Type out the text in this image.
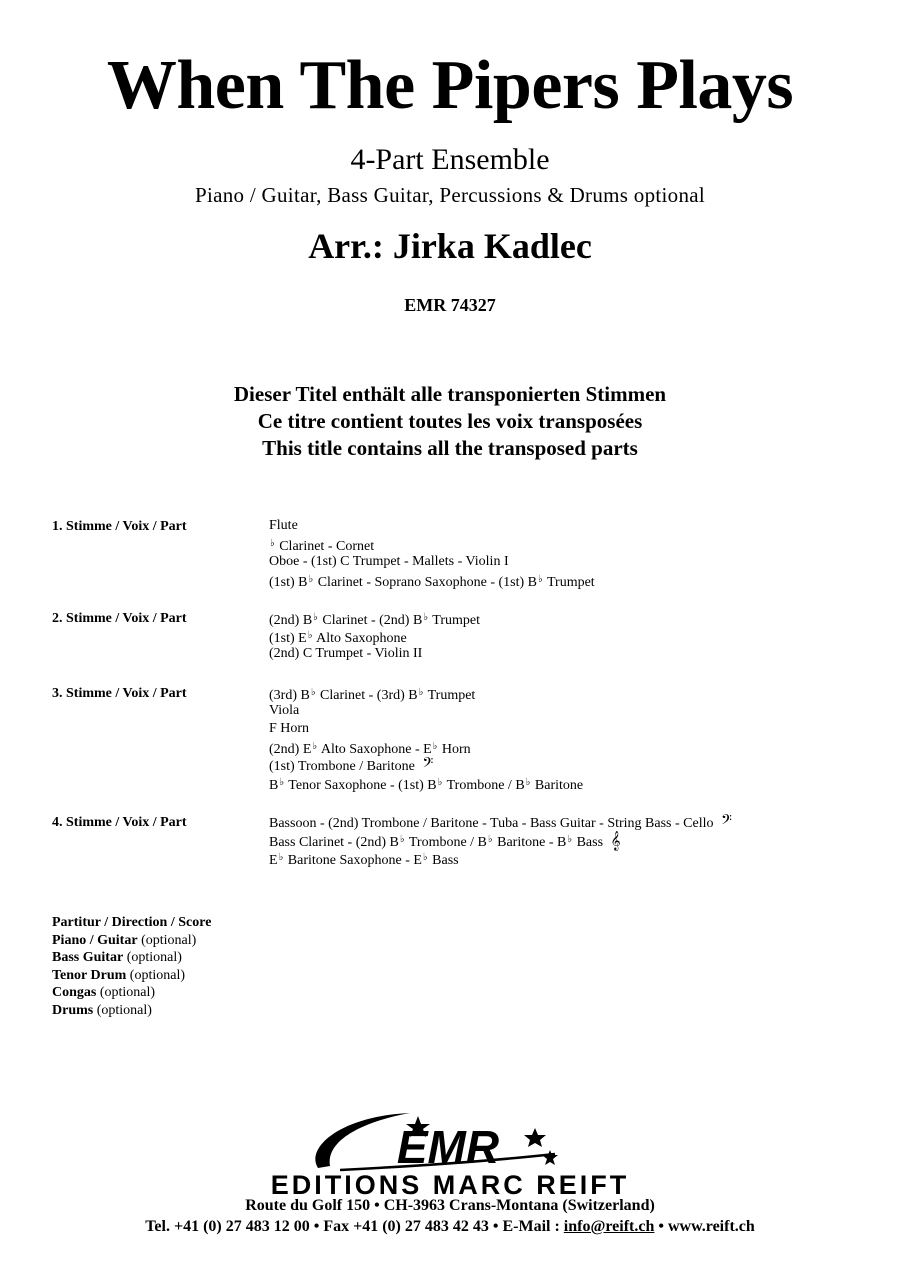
When The Pipers Plays
4-Part Ensemble
Piano / Guitar, Bass Guitar, Percussions & Drums optional
Arr.: Jirka Kadlec
EMR 74327
Dieser Titel enthält alle transponierten Stimmen
Ce titre contient toutes les voix transposées
This title contains all the transposed parts
1. Stimme / Voix / Part	Flute
♭ Clarinet - Cornet
Oboe - (1st) C Trumpet - Mallets - Violin I
(1st) B♭ Clarinet - Soprano Saxophone - (1st) B♭ Trumpet
2. Stimme / Voix / Part	(2nd) B♭ Clarinet - (2nd) B♭ Trumpet
(1st) E♭ Alto Saxophone
(2nd) C Trumpet - Violin II
3. Stimme / Voix / Part	(3rd) B♭ Clarinet - (3rd) B♭ Trumpet
Viola
F Horn
(2nd) E♭ Alto Saxophone - E♭ Horn
(1st) Trombone / Baritone 𝄢
B♭ Tenor Saxophone - (1st) B♭ Trombone / B♭ Baritone
4. Stimme / Voix / Part	Bassoon - (2nd) Trombone / Baritone - Tuba - Bass Guitar - String Bass - Cello 𝄢
Bass Clarinet - (2nd) B♭ Trombone / B♭ Baritone - B♭ Bass 𝄞
E♭ Baritone Saxophone - E♭ Bass
Partitur / Direction / Score
Piano / Guitar (optional)
Bass Guitar (optional)
Tenor Drum (optional)
Congas (optional)
Drums (optional)
EMR
EDITIONS MARC REIFT
Route du Golf 150 • CH-3963 Crans-Montana (Switzerland)
Tel. +41 (0) 27 483 12 00 • Fax +41 (0) 27 483 42 43 • E-Mail : info@reift.ch • www.reift.ch
